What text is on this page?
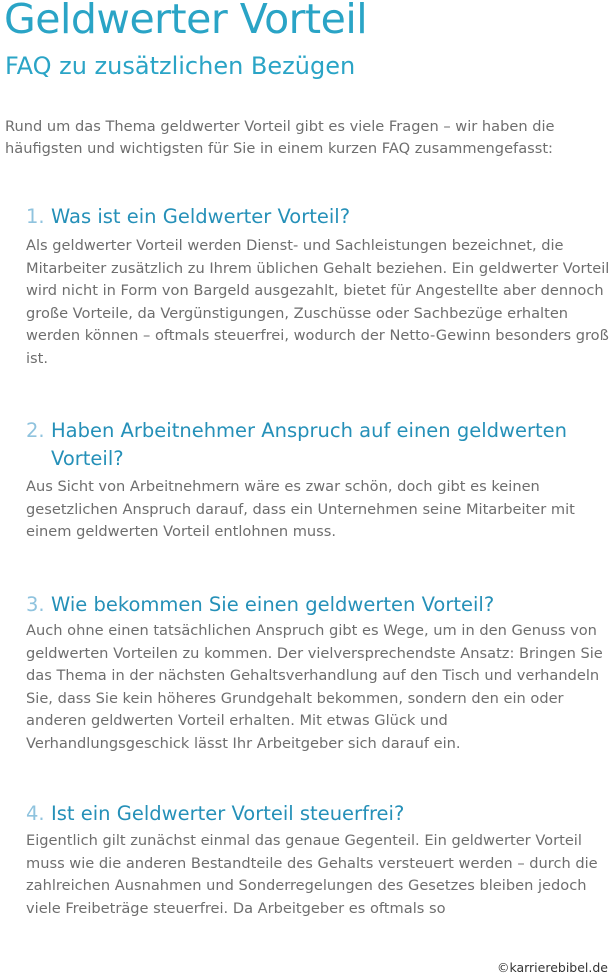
Geldwerter Vorteil
FAQ zu zusätzlichen Bezügen

Rund um das Thema geldwerter Vorteil gibt es viele Fragen – wir haben die häufigsten und wichtigsten für Sie in einem kurzen FAQ zusammengefasst:

1. Was ist ein Geldwerter Vorteil?

Als geldwerter Vorteil werden Dienst- und Sachleistungen bezeichnet, die Mitarbeiter zusätzlich zu Ihrem üblichen Gehalt beziehen. Ein geldwerter Vorteil wird nicht in Form von Bargeld ausgezahlt, bietet für Angestellte aber dennoch große Vorteile, da Vergünstigungen, Zuschüsse oder Sachbezüge erhalten werden können – oftmals steuerfrei, wodurch der Netto-Gewinn besonders groß ist.

2. Haben Arbeitnehmer Anspruch auf einen geldwerten Vorteil?

Aus Sicht von Arbeitnehmern wäre es zwar schön, doch gibt es keinen gesetzlichen Anspruch darauf, dass ein Unternehmen seine Mitarbeiter mit einem geldwerten Vorteil entlohnen muss.

3. Wie bekommen Sie einen geldwerten Vorteil?

Auch ohne einen tatsächlichen Anspruch gibt es Wege, um in den Genuss von geldwerten Vorteilen zu kommen. Der vielversprechendste Ansatz: Bringen Sie das Thema in der nächsten Gehaltsverhandlung auf den Tisch und verhandeln Sie, dass Sie kein höheres Grundgehalt bekommen, sondern den ein oder anderen geldwerten Vorteil erhalten. Mit etwas Glück und Verhandlungsgeschick lässt Ihr Arbeitgeber sich darauf ein.

4. Ist ein Geldwerter Vorteil steuerfrei?

Eigentlich gilt zunächst einmal das genaue Gegenteil. Ein geldwerter Vorteil muss wie die anderen Bestandteile des Gehalts versteuert werden – durch die zahlreichen Ausnahmen und Sonderregelungen des Gesetzes bleiben jedoch viele Freibeträge steuerfrei. Da Arbeitgeber es oftmals so

©karrierebibel.de
